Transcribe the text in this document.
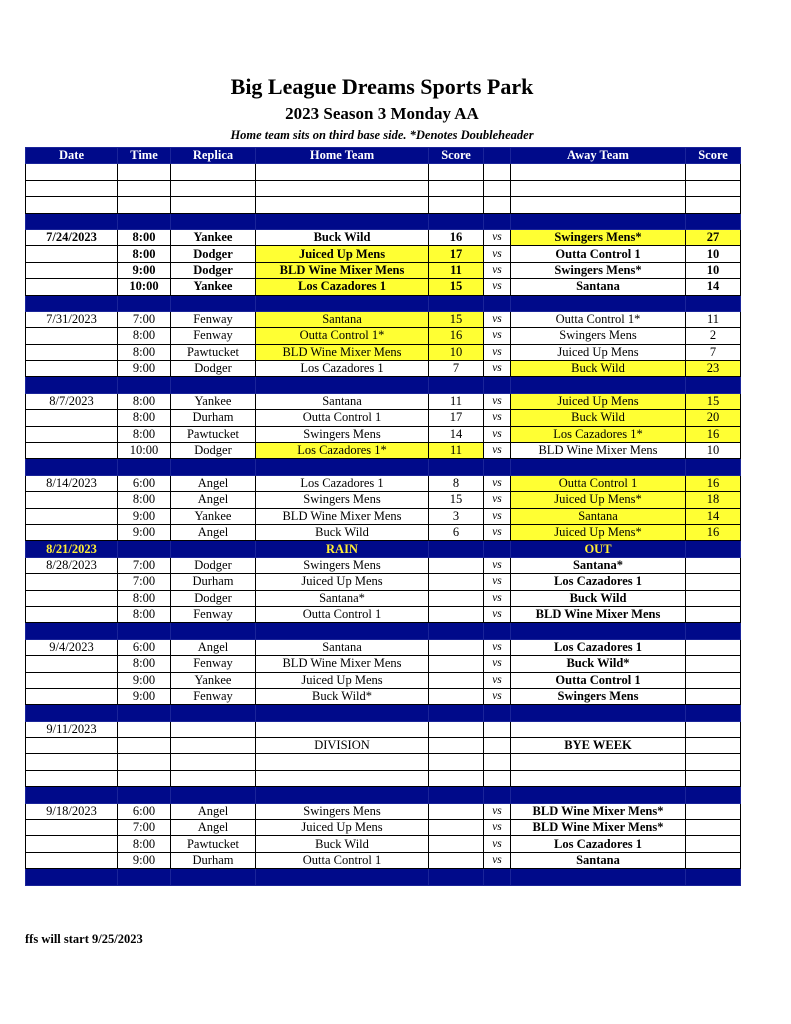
Big League Dreams Sports Park
2023 Season 3 Monday AA
Home team sits on third base side. *Denotes Doubleheader
Date	Time	Replica	Home Team	Score		Away Team	Score

7/24/2023	8:00	Yankee	Buck Wild	16	vs	Swingers Mens*	27
	8:00	Dodger	Juiced Up Mens	17	vs	Outta Control 1	10
	9:00	Dodger	BLD Wine Mixer Mens	11	vs	Swingers Mens*	10
	10:00	Yankee	Los Cazadores 1	15	vs	Santana	14

7/31/2023	7:00	Fenway	Santana	15	vs	Outta Control 1*	11
	8:00	Fenway	Outta Control 1*	16	vs	Swingers Mens	2
	8:00	Pawtucket	BLD Wine Mixer Mens	10	vs	Juiced Up Mens	7
	9:00	Dodger	Los Cazadores 1	7	vs	Buck Wild	23

8/7/2023	8:00	Yankee	Santana	11	vs	Juiced Up Mens	15
	8:00	Durham	Outta Control 1	17	vs	Buck Wild	20
	8:00	Pawtucket	Swingers Mens	14	vs	Los Cazadores 1*	16
	10:00	Dodger	Los Cazadores 1*	11	vs	BLD Wine Mixer Mens	10

8/14/2023	6:00	Angel	Los Cazadores 1	8	vs	Outta Control 1	16
	8:00	Angel	Swingers Mens	15	vs	Juiced Up Mens*	18
	9:00	Yankee	BLD Wine Mixer Mens	3	vs	Santana	14
	9:00	Angel	Buck Wild	6	vs	Juiced Up Mens*	16
8/21/2023			RAIN			OUT	
8/28/2023	7:00	Dodger	Swingers Mens		vs	Santana*	
	7:00	Durham	Juiced Up Mens		vs	Los Cazadores 1	
	8:00	Dodger	Santana*		vs	Buck Wild	
	8:00	Fenway	Outta Control 1		vs	BLD Wine Mixer Mens	

9/4/2023	6:00	Angel	Santana		vs	Los Cazadores 1	
	8:00	Fenway	BLD Wine Mixer Mens		vs	Buck Wild*	
	9:00	Yankee	Juiced Up Mens		vs	Outta Control 1	
	9:00	Fenway	Buck Wild*		vs	Swingers Mens	

9/11/2023							
			DIVISION			BYE WEEK	

9/18/2023	6:00	Angel	Swingers Mens		vs	BLD Wine Mixer Mens*	
	7:00	Angel	Juiced Up Mens		vs	BLD Wine Mixer Mens*	
	8:00	Pawtucket	Buck Wild		vs	Los Cazadores 1	
	9:00	Durham	Outta Control 1		vs	Santana	

ffs will start 9/25/2023
